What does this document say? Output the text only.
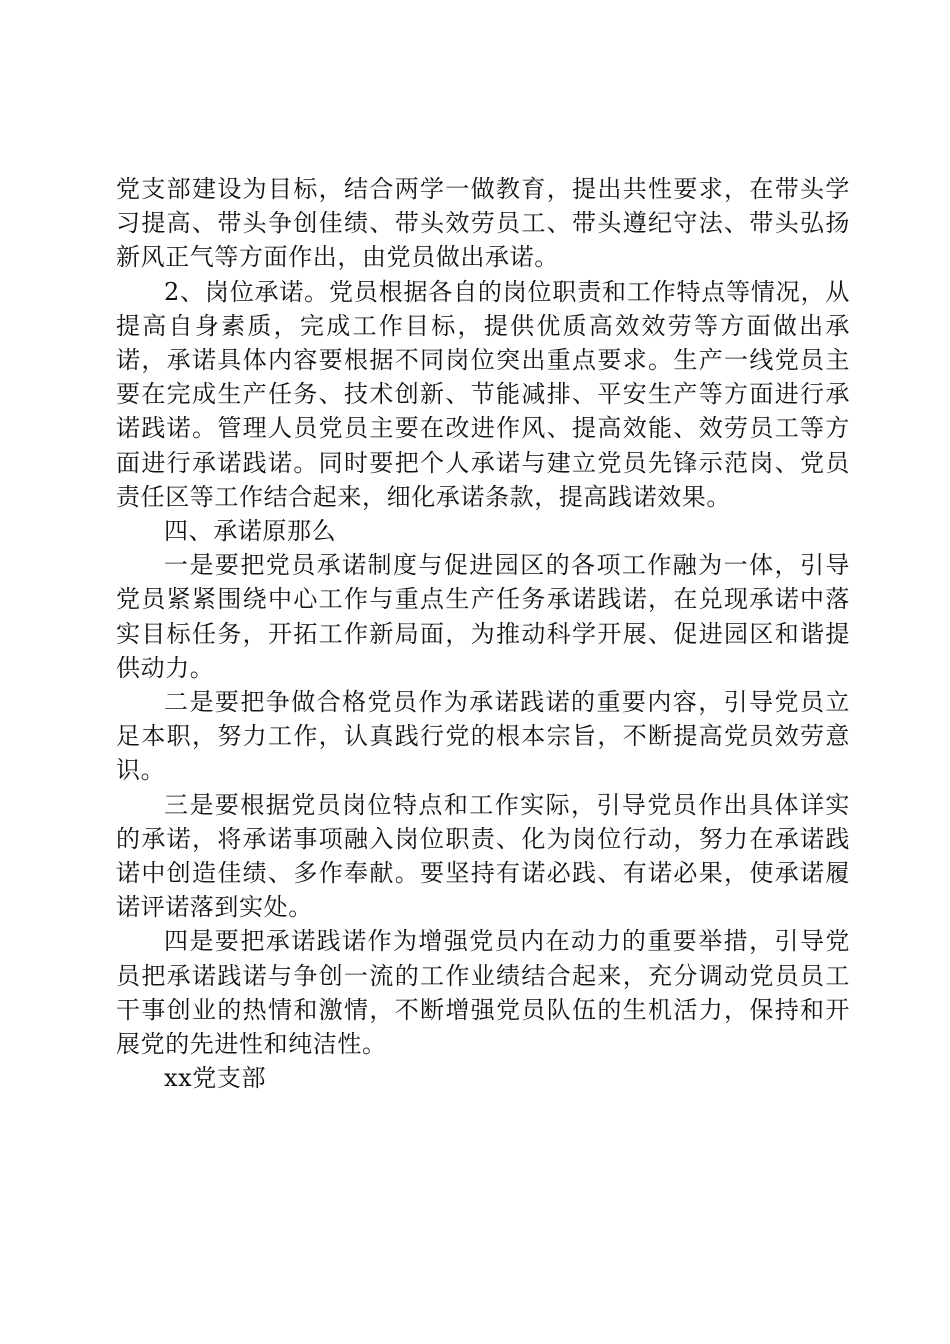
党支部建设为目标，结合两学一做教育，提出共性要求，在带头学习提高、带头争创佳绩、带头效劳员工、带头遵纪守法、带头弘扬新风正气等方面作出，由党员做出承诺。

2、岗位承诺。党员根据各自的岗位职责和工作特点等情况，从提高自身素质，完成工作目标，提供优质高效效劳等方面做出承诺，承诺具体内容要根据不同岗位突出重点要求。生产一线党员主要在完成生产任务、技术创新、节能减排、平安生产等方面进行承诺践诺。管理人员党员主要在改进作风、提高效能、效劳员工等方面进行承诺践诺。同时要把个人承诺与建立党员先锋示范岗、党员责任区等工作结合起来，细化承诺条款，提高践诺效果。

四、承诺原那么

一是要把党员承诺制度与促进园区的各项工作融为一体，引导党员紧紧围绕中心工作与重点生产任务承诺践诺，在兑现承诺中落实目标任务，开拓工作新局面，为推动科学开展、促进园区和谐提供动力。

二是要把争做合格党员作为承诺践诺的重要内容，引导党员立足本职，努力工作，认真践行党的根本宗旨，不断提高党员效劳意识。

三是要根据党员岗位特点和工作实际，引导党员作出具体详实的承诺，将承诺事项融入岗位职责、化为岗位行动，努力在承诺践诺中创造佳绩、多作奉献。要坚持有诺必践、有诺必果，使承诺履诺评诺落到实处。

四是要把承诺践诺作为增强党员内在动力的重要举措，引导党员把承诺践诺与争创一流的工作业绩结合起来，充分调动党员员工干事创业的热情和激情，不断增强党员队伍的生机活力，保持和开展党的先进性和纯洁性。

xx党支部
